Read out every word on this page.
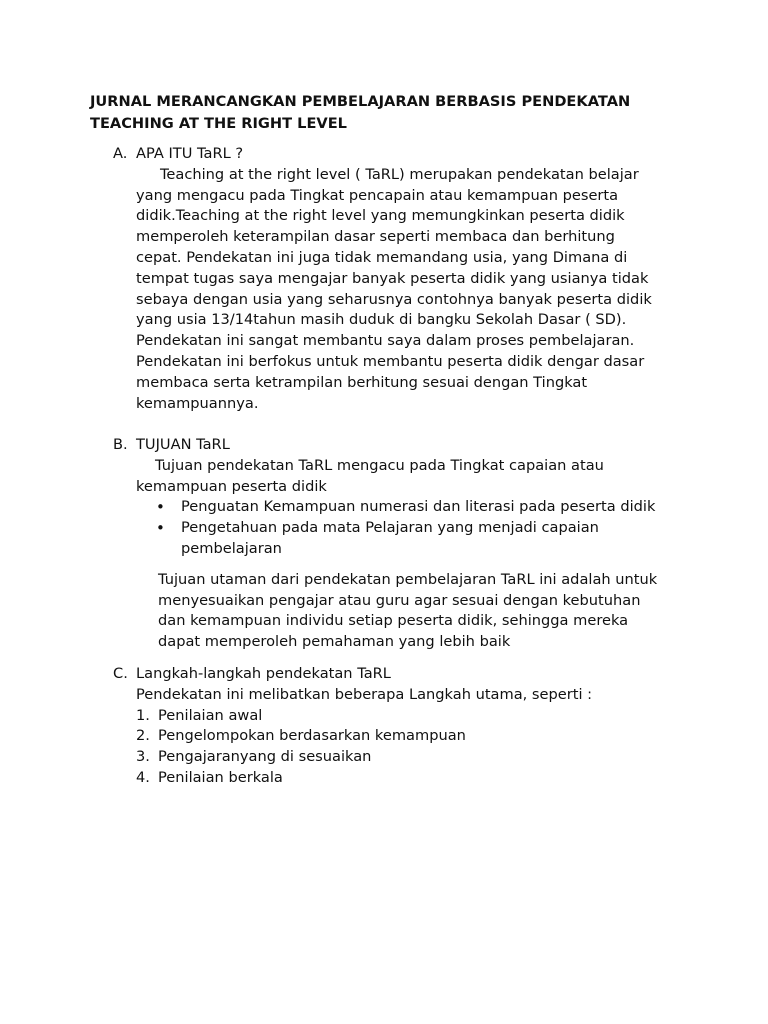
JURNAL MERANCANGKAN PEMBELAJARAN BERBASIS PENDEKATAN TEACHING AT THE RIGHT LEVEL
A. APA ITU TaRL ?

Teaching at the right level ( TaRL) merupakan pendekatan belajar

yang mengacu pada Tingkat pencapain atau kemampuan peserta

didik.Teaching at the right level yang memungkinkan peserta didik

memperoleh keterampilan dasar seperti membaca dan berhitung

cepat. Pendekatan ini juga tidak memandang usia, yang Dimana di

tempat tugas saya mengajar banyak peserta didik yang usianya tidak

sebaya dengan usia yang seharusnya contohnya banyak peserta didik

yang usia 13/14tahun masih duduk di bangku Sekolah Dasar ( SD).

Pendekatan ini sangat membantu saya dalam proses pembelajaran.

Pendekatan ini berfokus untuk membantu peserta didik dengar dasar

membaca serta ketrampilan berhitung sesuai dengan Tingkat

kemampuannya.

B. TUJUAN TaRL

Tujuan pendekatan TaRL mengacu pada Tingkat capaian atau

kemampuan peserta didik

• Penguatan Kemampuan numerasi dan literasi pada peserta didik
• Pengetahuan pada mata Pelajaran yang menjadi capaian
pembelajaran

Tujuan utaman dari pendekatan pembelajaran TaRL ini adalah untuk

menyesuaikan pengajar atau guru agar sesuai dengan kebutuhan

dan kemampuan individu setiap peserta didik, sehingga mereka

dapat memperoleh pemahaman yang lebih baik

C. Langkah-langkah pendekatan TaRL

Pendekatan ini melibatkan beberapa Langkah utama, seperti :

1. Penilaian awal
2. Pengelompokan berdasarkan kemampuan
3. Pengajaranyang di sesuaikan
4. Penilaian berkala
